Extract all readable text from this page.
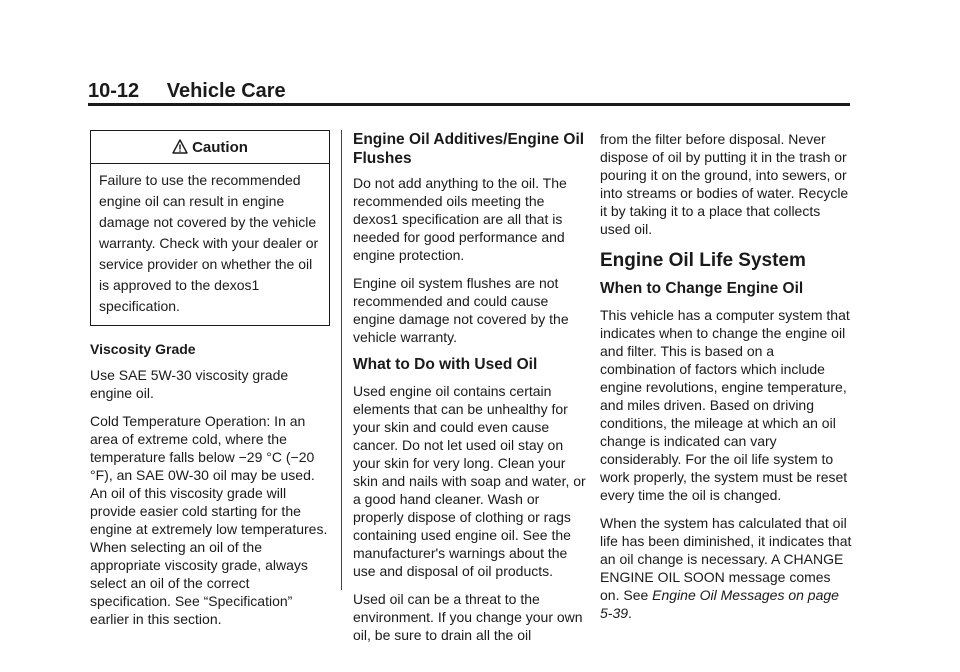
10-12 Vehicle Care
Caution
Failure to use the recommended engine oil can result in engine damage not covered by the vehicle warranty. Check with your dealer or service provider on whether the oil is approved to the dexos1 specification.

Viscosity Grade

Use SAE 5W-30 viscosity grade engine oil.

Cold Temperature Operation: In an area of extreme cold, where the temperature falls below −29 °C (−20 °F), an SAE 0W-30 oil may be used. An oil of this viscosity grade will provide easier cold starting for the engine at extremely low temperatures. When selecting an oil of the appropriate viscosity grade, always select an oil of the correct specification. See “Specification” earlier in this section.

Engine Oil Additives/Engine Oil Flushes

Do not add anything to the oil. The recommended oils meeting the dexos1 specification are all that is needed for good performance and engine protection.

Engine oil system flushes are not recommended and could cause engine damage not covered by the vehicle warranty.

What to Do with Used Oil

Used engine oil contains certain elements that can be unhealthy for your skin and could even cause cancer. Do not let used oil stay on your skin for very long. Clean your skin and nails with soap and water, or a good hand cleaner. Wash or properly dispose of clothing or rags containing used engine oil. See the manufacturer's warnings about the use and disposal of oil products.

Used oil can be a threat to the environment. If you change your own oil, be sure to drain all the oil

from the filter before disposal. Never dispose of oil by putting it in the trash or pouring it on the ground, into sewers, or into streams or bodies of water. Recycle it by taking it to a place that collects used oil.

Engine Oil Life System
When to Change Engine Oil

This vehicle has a computer system that indicates when to change the engine oil and filter. This is based on a combination of factors which include engine revolutions, engine temperature, and miles driven. Based on driving conditions, the mileage at which an oil change is indicated can vary considerably. For the oil life system to work properly, the system must be reset every time the oil is changed.

When the system has calculated that oil life has been diminished, it indicates that an oil change is necessary. A CHANGE ENGINE OIL SOON message comes on. See Engine Oil Messages on page 5-39.
